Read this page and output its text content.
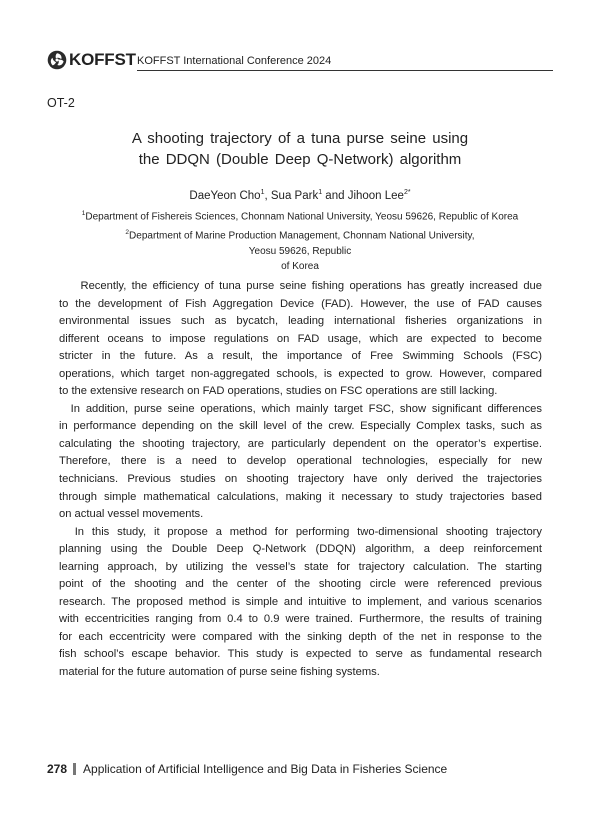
KOFFST KOFFST International Conference 2024
OT-2
A shooting trajectory of a tuna purse seine using
the DDQN (Double Deep Q-Network) algorithm
DaeYeon Cho$^1$, Sua Park$^1$ and Jihoon Lee$^{2*}$
$^1$Department of Fishereis Sciences, Chonnam National University, Yeosu 59626, Republic of Korea
$^2$Department of Marine Production Management, Chonnam National University,
Yeosu 59626, Republic
of Korea
Recently, the efficiency of tuna purse seine fishing operations has greatly increased due
to the development of Fish Aggregation Device (FAD). However, the use of FAD causes
environmental issues such as bycatch, leading international fisheries organizations in
different oceans to impose regulations on FAD usage, which are expected to become
stricter in the future. As a result, the importance of Free Swimming Schools (FSC)
operations, which target non-aggregated schools, is expected to grow. However, compared
to the extensive research on FAD operations, studies on FSC operations are still lacking.
In addition, purse seine operations, which mainly target FSC, show significant differences
in performance depending on the skill level of the crew. Especially Complex tasks, such as
calculating the shooting trajectory, are particularly dependent on the operator’s expertise.
Therefore, there is a need to develop operational technologies, especially for new
technicians. Previous studies on shooting trajectory have only derived the trajectories
through simple mathematical calculations, making it necessary to study trajectories based
on actual vessel movements.
In this study, it propose a method for performing two-dimensional shooting trajectory
planning using the Double Deep Q-Network (DDQN) algorithm, a deep reinforcement
learning approach, by utilizing the vessel’s state for trajectory calculation. The starting
point of the shooting and the center of the shooting circle were referenced previous
research. The proposed method is simple and intuitive to implement, and various scenarios
with eccentricities ranging from 0.4 to 0.9 were trained. Furthermore, the results of training
for each eccentricity were compared with the sinking depth of the net in response to the
fish school’s escape behavior. This study is expected to serve as fundamental research
material for the future automation of purse seine fishing systems.
278 Application of Artificial Intelligence and Big Data in Fisheries Science
